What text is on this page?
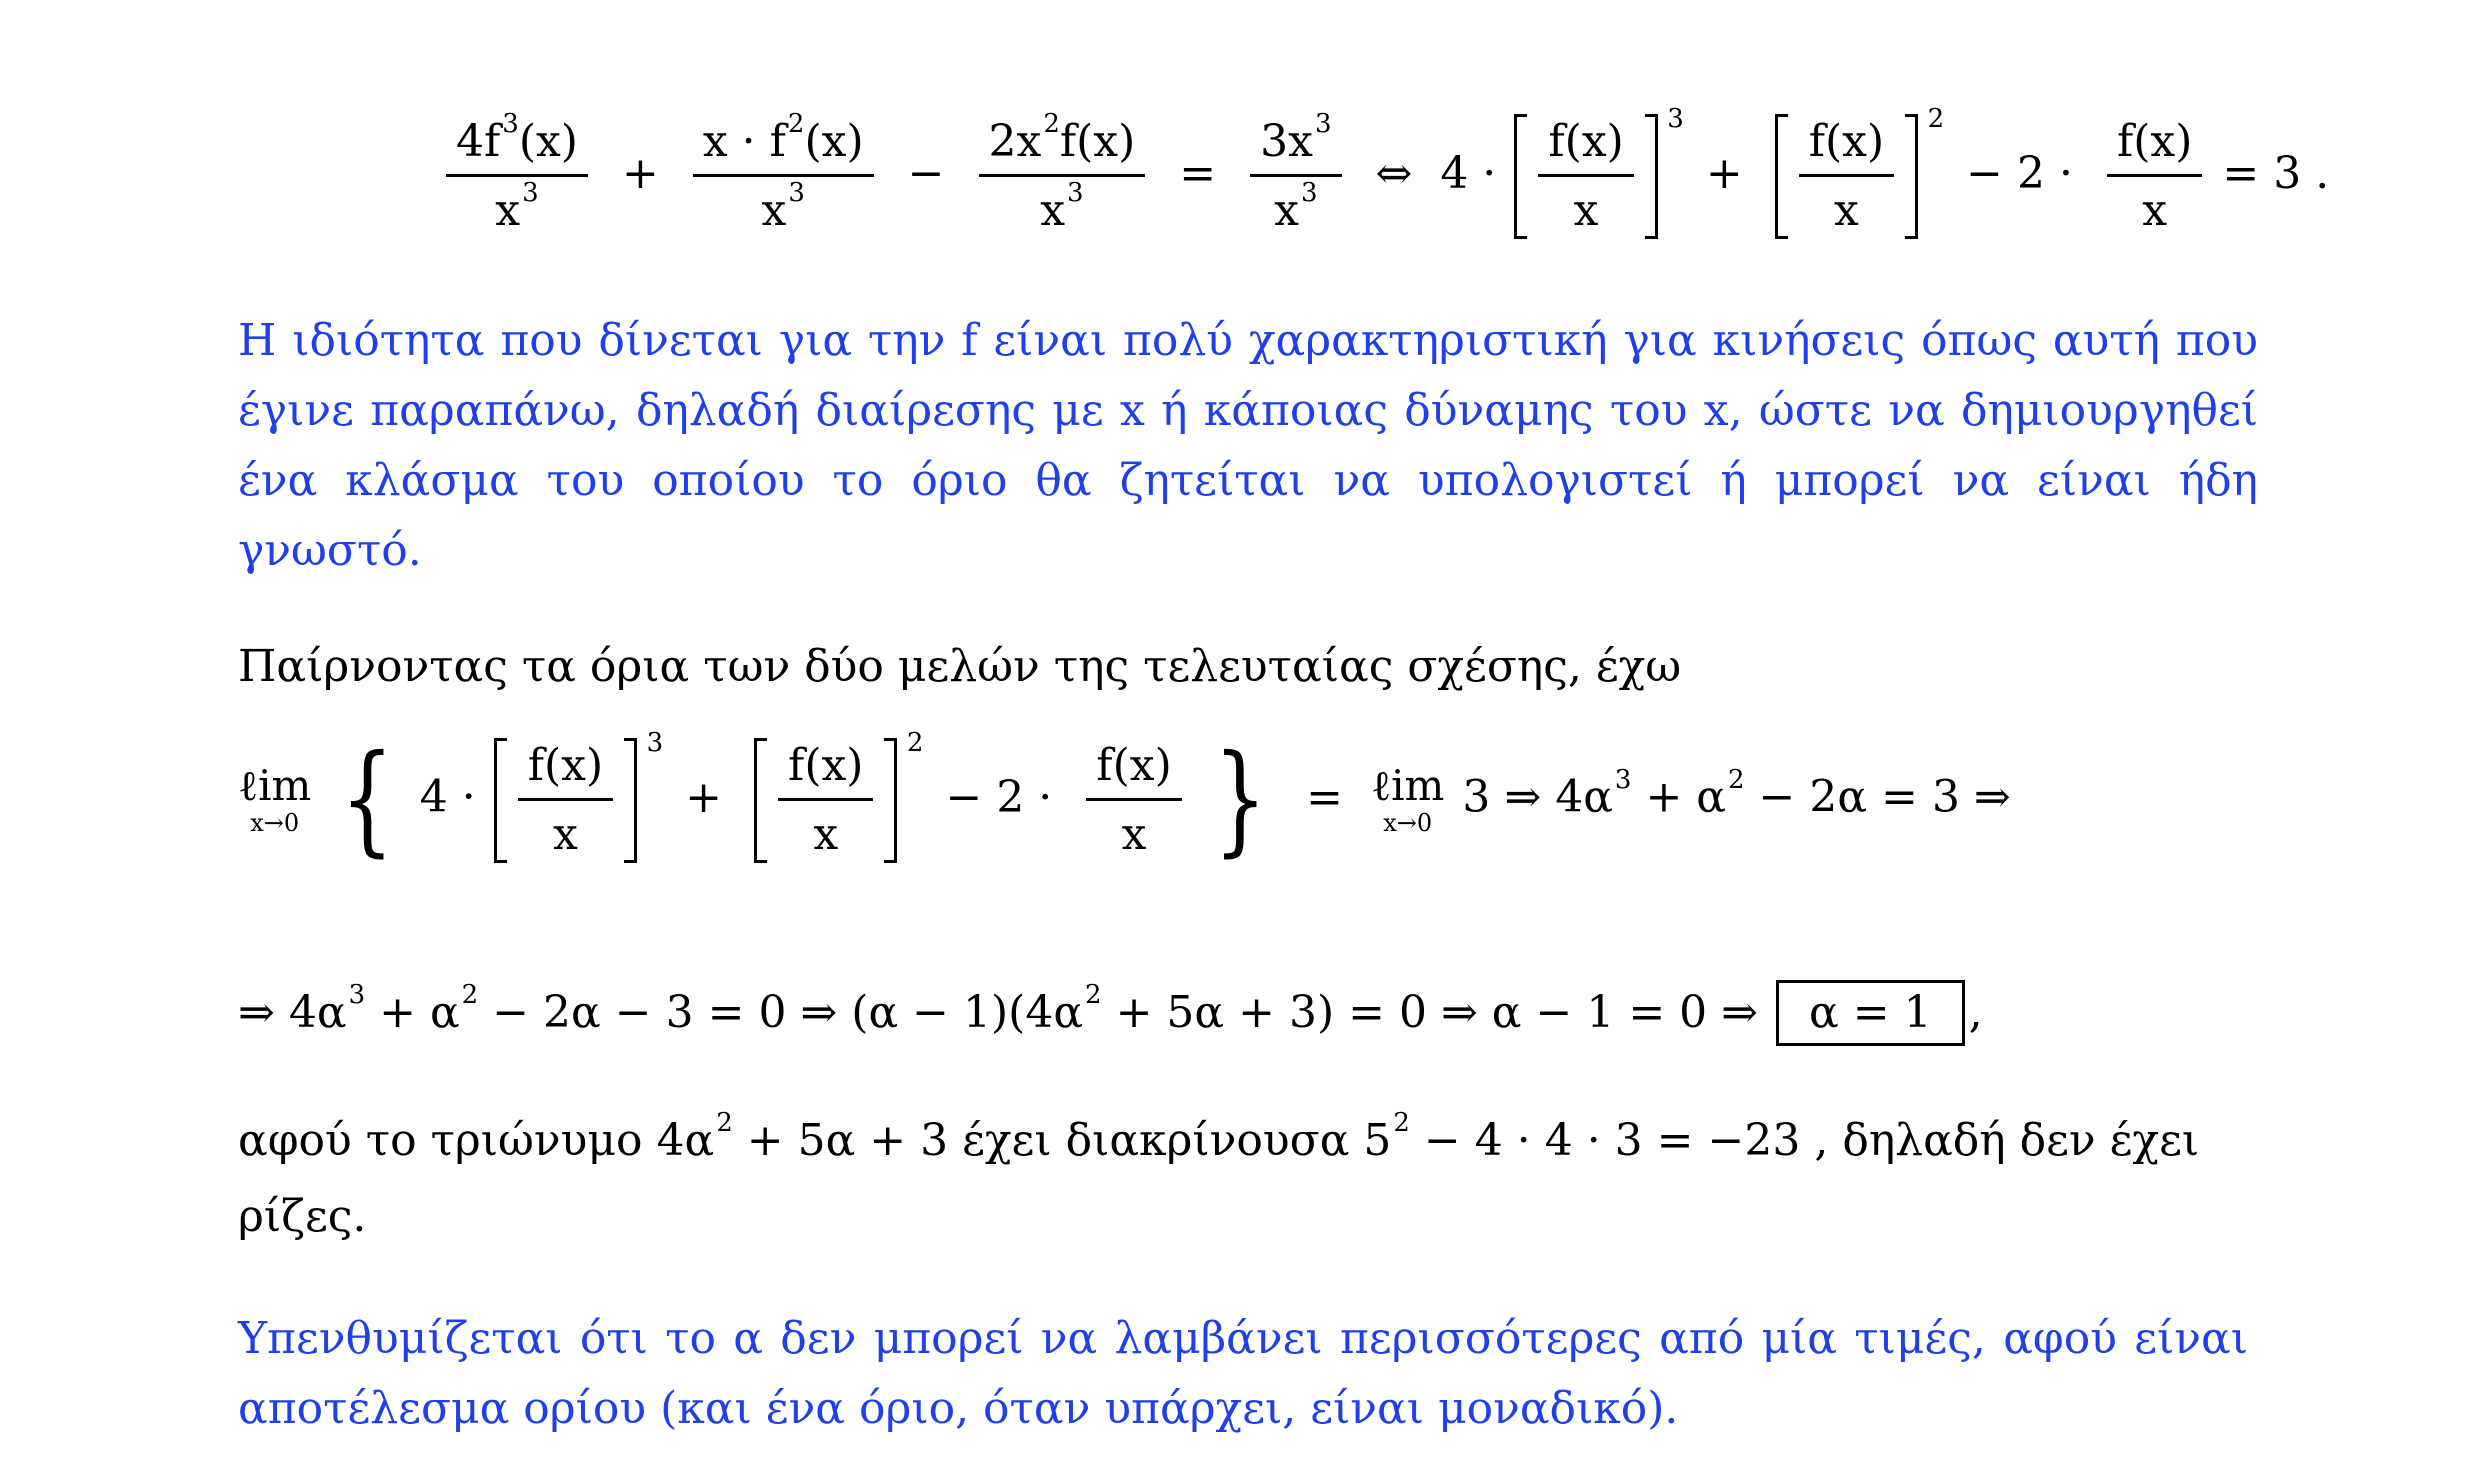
$\frac{4f^3(x)}{x^3} + \frac{x \cdot f^2(x)}{x^3} - \frac{2x^2f(x)}{x^3} = \frac{3x^3}{x^3}$ ⇔ $4 \cdot \frac{f(x)}{x}$
3
+ $\frac{f(x)}{x}$
2
− $2 \cdot \frac{f(x)}{x} = 3$ .
Η ιδιότητα που δίνεται για την f είναι πολύ χαρακτηριστική για κινήσεις όπως αυτή που έγινε παραπάνω, δηλαδή διαίρεσης με x ή κάποιας δύναμης του x, ώστε να δημιουργηθεί ένα κλάσμα του οποίου το όριο θα ζητείται να υπολογιστεί ή μπορεί να είναι ήδη γνωστό.
Παίρνοντας τα όρια των δύο μελών της τελευταίας σχέσης, έχω
ℓim
x→0 { $4 \cdot \frac{f(x)}{x}$
3
+ $\frac{f(x)}{x}$
2
− $2 \cdot \frac{f(x)}{x}$ } = ℓim
x→0
3 ⇒ $4\alpha^3 + \alpha^2 - 2\alpha = 3$ ⇒
⇒ $4\alpha^3 + \alpha^2 - 2\alpha - 3 = 0$ ⇒ $(\alpha - 1)(4\alpha^2 + 5\alpha + 3) = 0$ ⇒ α − 1 = 0 ⇒ α = 1 ,
αφού το τριώνυμο $4\alpha^2 + 5\alpha + 3$ έχει διακρίνουσα $5^2 - 4 \cdot 4 \cdot 3 = -23$ , δηλαδή δεν έχει
ρίζες.
Υπενθυμίζεται ότι το α δεν μπορεί να λαμβάνει περισσότερες από μία τιμές, αφού είναι αποτέλεσμα ορίου (και ένα όριο, όταν υπάρχει, είναι μοναδικό).
